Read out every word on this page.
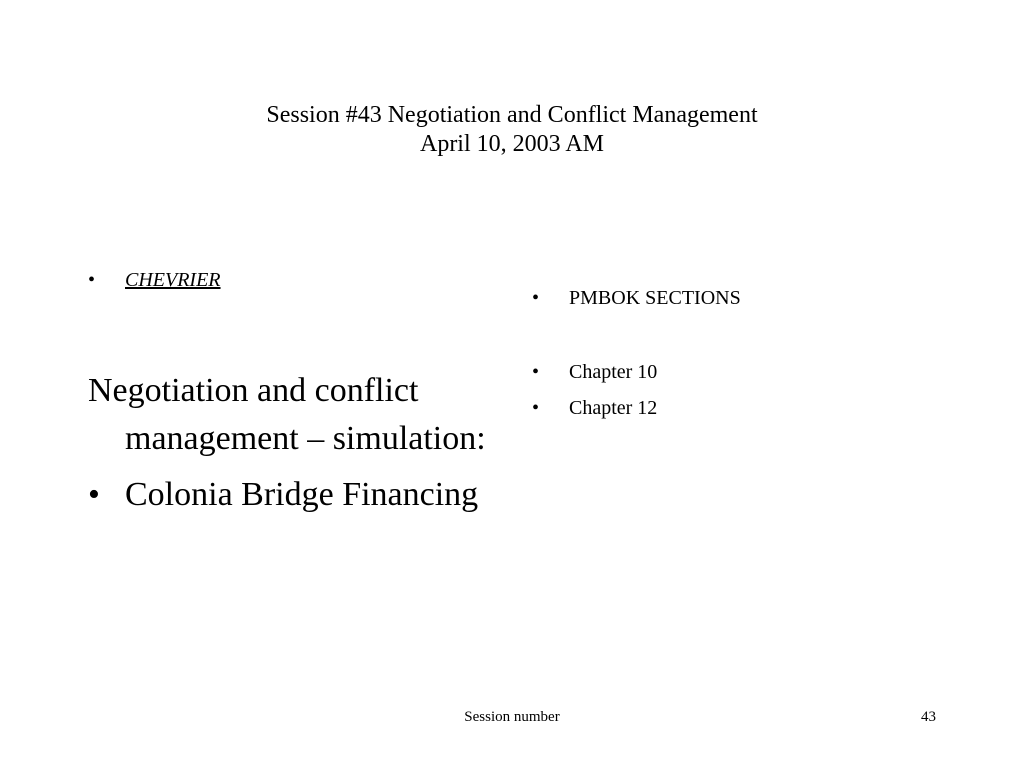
Session #43 Negotiation and Conflict Management
April 10, 2003 AM
• CHEVRIER
Negotiation and conflict management – simulation:
• Colonia Bridge Financing
• PMBOK SECTIONS
• Chapter 10
• Chapter 12
Session number	43
